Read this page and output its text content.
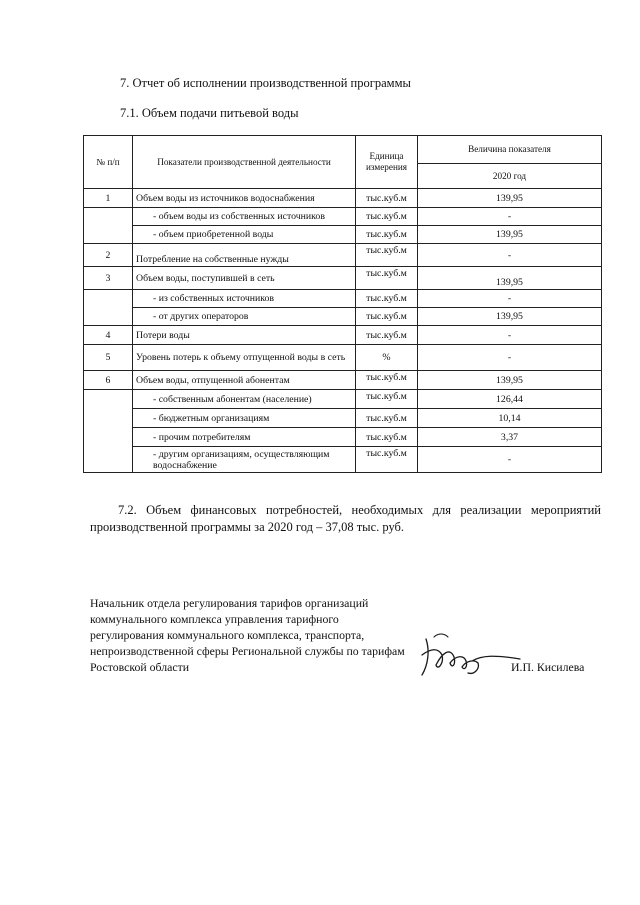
7. Отчет об исполнении производственной программы
7.1. Объем подачи питьевой воды
№ п/п	Показатели производственной деятельности	Единица измерения	Величина показателя
			2020 год
1	Объем воды из источников водоснабжения	тыс.куб.м	139,95
	- объем воды из собственных источников	тыс.куб.м	-
	- объем приобретенной воды	тыс.куб.м	139,95
2	Потребление на собственные нужды	тыс.куб.м	-
3	Объем воды, поступившей в сеть	тыс.куб.м	139,95
	- из собственных источников	тыс.куб.м	-
	- от других операторов	тыс.куб.м	139,95
4	Потери воды	тыс.куб.м	-
5	Уровень потерь к объему отпущенной воды в сеть	%	-
6	Объем воды, отпущенной абонентам	тыс.куб.м	139,95
	- собственным абонентам (население)	тыс.куб.м	126,44
	- бюджетным организациям	тыс.куб.м	10,14
	- прочим потребителям	тыс.куб.м	3,37
	- другим организациям, осуществляющим водоснабжение	тыс.куб.м	-
7.2. Объем финансовых потребностей, необходимых для реализации мероприятий производственной программы за 2020 год – 37,08 тыс. руб.
Начальник отдела регулирования тарифов организаций коммунального комплекса управления тарифного регулирования коммунального комплекса, транспорта, непроизводственной сферы Региональной службы по тарифам Ростовской области	И.П. Кисилева
